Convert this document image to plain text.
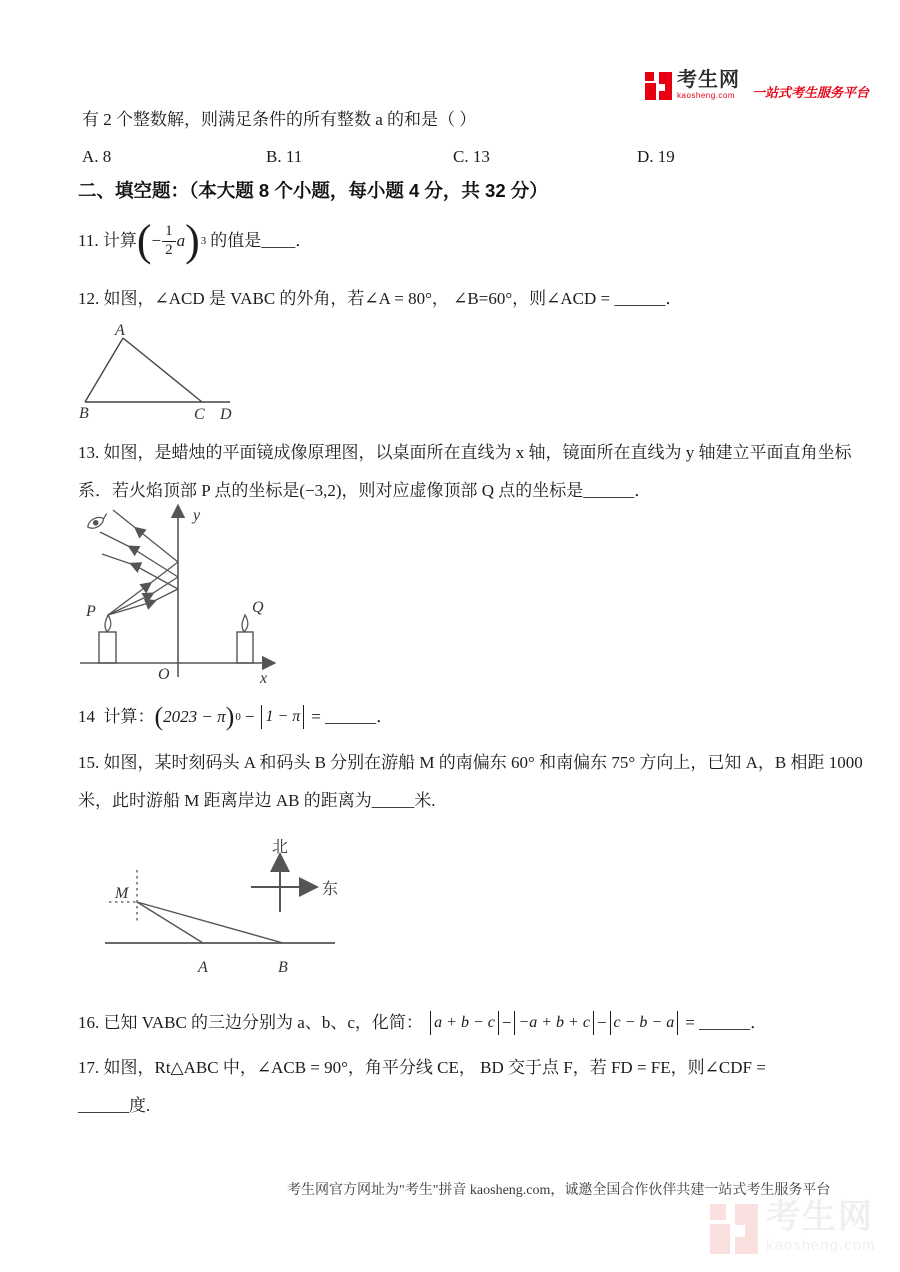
考生网
kaosheng.com	一站式考生服务平台
有 2 个整数解，则满足条件的所有整数 a 的和是（ ）
A. 8	B. 11	C. 13	D. 19
二、填空题：（本大题 8 个小题，每小题 4 分，共 32 分）
11.
计算 ( − $\frac{1}{2}$ a ) 3 的值是____．
12. 如图，∠ACD 是 VABC 的外角，若∠A = 80°， ∠B=60°，则∠ACD = ______．
A
B	C D
13. 如图，是蜡烛的平面镜成像原理图，以桌面所在直线为 x 轴，镜面所在直线为 y 轴建立平面直角坐标
系．若火焰顶部 P 点的坐标是(−3,2)，则对应虚像顶部 Q 点的坐标是______．
y
x
O
P	Q
14
计算： ( 2023 − π ) 0 − 1 − π = ______．
15. 如图，某时刻码头 A 和码头 B 分别在游船 M 的南偏东 60° 和南偏东 75° 方向上，已知 A，B 相距 1000
米，此时游船 M 距离岸边 AB 的距离为_____米.
M
A	B
北
东
16. 已知 VABC 的三边分别为 a、b、c，化简：
a + b − c − −a + b + c − c − b − a = ______．
17. 如图，Rt△ABC 中，∠ACB = 90°，角平分线 CE， BD 交于点 F，若 FD = FE，则∠CDF =
______度.
考生网官方网址为"考生"拼音 kaosheng.com，诚邀全国合作伙伴共建一站式考生服务平台
考生网
kaosheng.com
